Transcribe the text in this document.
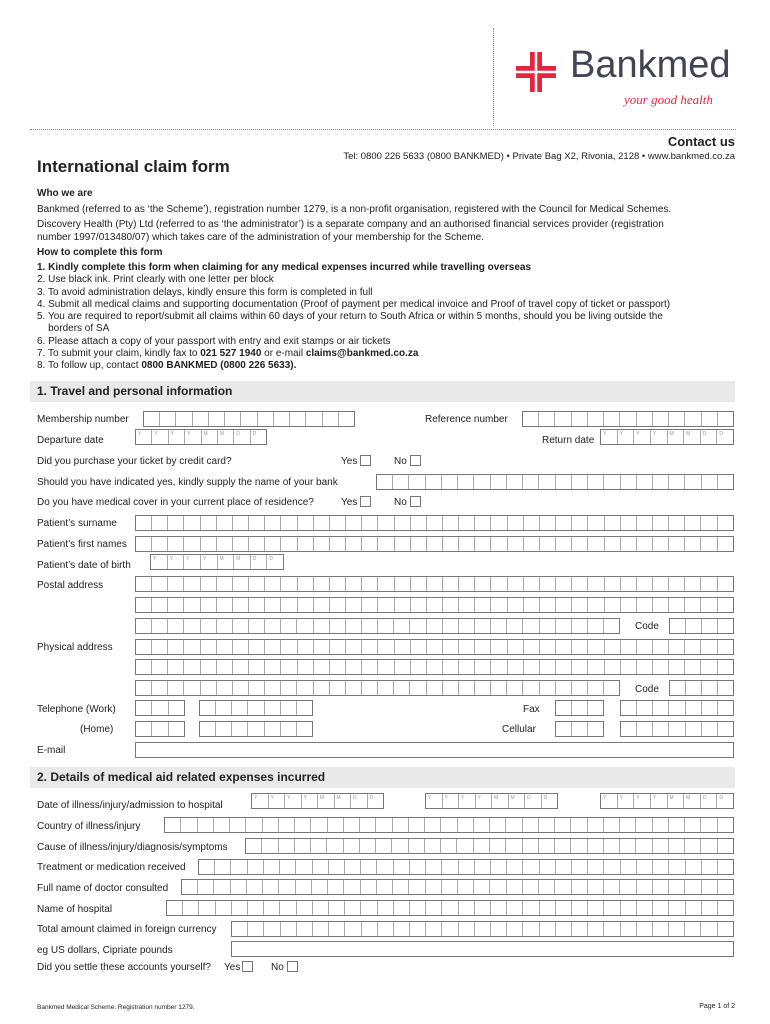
Bankmed
your good health
Contact us
Tel: 0800 226 5633 (0800 BANKMED) • Private Bag X2, Rivonia, 2128 • www.bankmed.co.za
International claim form
Who we are
Bankmed (referred to as ‘the Scheme’), registration number 1279, is a non-profit organisation, registered with the Council for Medical Schemes.
Discovery Health (Pty) Ltd (referred to as ‘the administrator’) is a separate company and an authorised financial services provider (registration
number 1997/013480/07) which takes care of the administration of your membership for the Scheme.
How to complete this form
1. Kindly complete this form when claiming for any medical expenses incurred while travelling overseas
2. Use black ink. Print clearly with one letter per block
3. To avoid administration delays, kindly ensure this form is completed in full
4. Submit all medical claims and supporting documentation (Proof of payment per medical invoice and Proof of travel copy of ticket or passport)
5. You are required to report/submit all claims within 60 days of your return to South Africa or within 5 months, should you be living outside the
borders of SA
6. Please attach a copy of your passport with entry and exit stamps or air tickets
7. To submit your claim, kindly fax to 021 527 1940 or e-mail claims@bankmed.co.za
8. To follow up, contact 0800 BANKMED (0800 226 5633).
1. Travel and personal information
Membership number	Reference number
Departure date
Y	Y	Y	Y	M	M	D	D
Return date
Y	Y	Y	Y	M	M	D	D
Did you purchase your ticket by credit card?	Yes	No
Should you have indicated yes, kindly supply the name of your bank
Do you have medical cover in your current place of residence?	Yes	No
Patient’s surname
Patient’s first names
Patient’s date of birth
Y	Y	Y	Y	M	M	D	D
Postal address
Code
Physical address
Code
Telephone (Work)	Fax
(Home)	Cellular
E-mail
2. Details of medical aid related expenses incurred
Date of illness/injury/admission to hospital
Y	Y	Y	Y	M	M	D	D	Y	Y	Y	Y	M	M	D	D	Y	Y	Y	Y	M	M	D	D
Country of illness/injury
Cause of illness/injury/diagnosis/symptoms
Treatment or medication received
Full name of doctor consulted
Name of hospital
Total amount claimed in foreign currency
eg US dollars, Cipriate pounds
Did you settle these accounts yourself? Yes	No
Bankmed Medical Scheme. Registration number 1279.	Page 1 of 2
